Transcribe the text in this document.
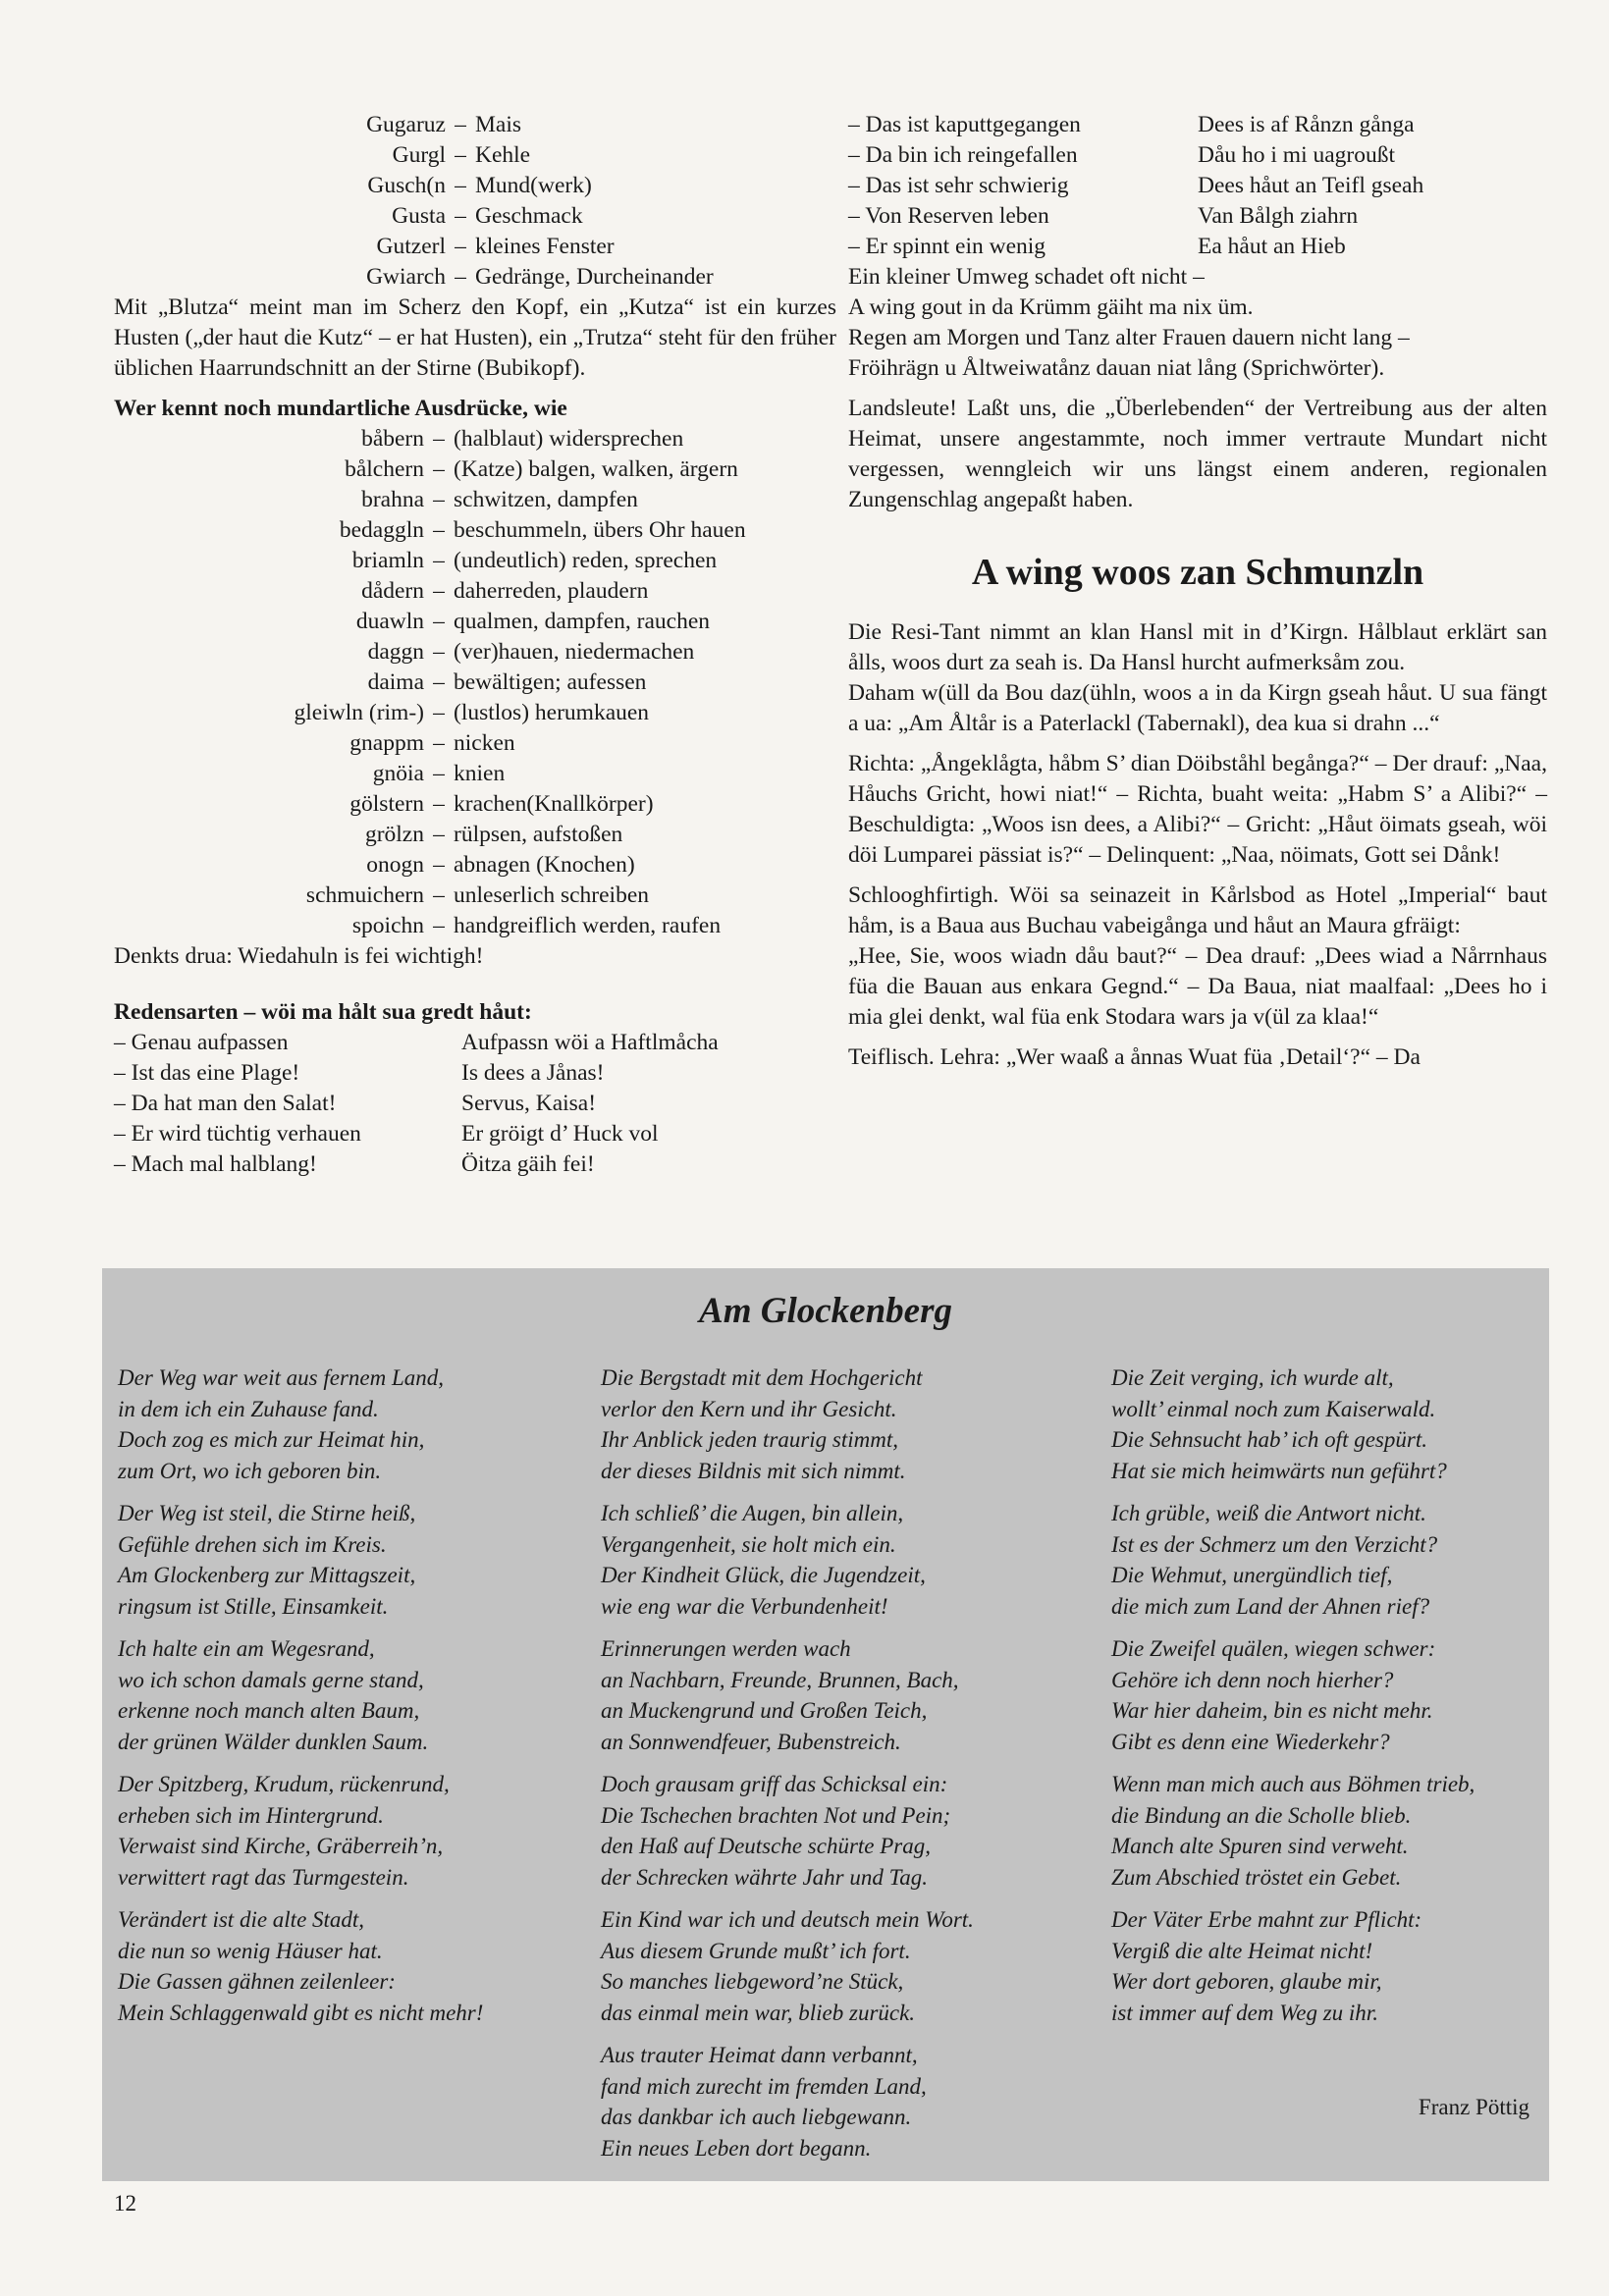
Gugaruz – Mais
Gurgl – Kehle
Gusch(n – Mund(werk)
Gusta – Geschmack
Gutzerl – kleines Fenster
Gwiarch – Gedränge, Durcheinander

Mit „Blutza“ meint man im Scherz den Kopf, ein „Kutza“ ist ein kurzes Husten („der haut die Kutz“ – er hat Husten), ein „Trutza“ steht für den früher üblichen Haarrundschnitt an der Stirne (Bubikopf).

Wer kennt noch mundartliche Ausdrücke, wie
båbern – (halblaut) widersprechen
bålchern – (Katze) balgen, walken, ärgern
brahna – schwitzen, dampfen
bedaggln – beschummeln, übers Ohr hauen
briamln – (undeutlich) reden, sprechen
dådern – daherreden, plaudern
duawln – qualmen, dampfen, rauchen
daggn – (ver)hauen, niedermachen
daima – bewältigen; aufessen
gleiwln (rim-) – (lustlos) herumkauen
gnappm – nicken
gnöia – knien
gölstern – krachen(Knallkörper)
grölzn – rülpsen, aufstoßen
onogn – abnagen (Knochen)
schmuichern – unleserlich schreiben
spoichn – handgreiflich werden, raufen
Denkts drua: Wiedahuln is fei wichtigh!
Redensarten – wöi ma hålt sua gredt håut:
– Genau aufpassen	Aufpassn wöi a Haftlmåcha
– Ist das eine Plage!	Is dees a Jånas!
– Da hat man den Salat!	Servus, Kaisa!
– Er wird tüchtig verhauen	Er gröigt d’ Huck vol
– Mach mal halblang!	Öitza gäih fei!
– Das ist kaputtgegangen	Dees is af Rånzn gånga
– Da bin ich reingefallen	Dåu ho i mi uagroußt
– Das ist sehr schwierig	Dees håut an Teifl gseah
– Von Reserven leben	Van Bålgh ziahrn
– Er spinnt ein wenig	Ea håut an Hieb
Ein kleiner Umweg schadet oft nicht –
A wing gout in da Krümm gäiht ma nix üm.
Regen am Morgen und Tanz alter Frauen dauern nicht lang –
Fröihrägn u Åltweiwatånz dauan niat lång (Sprichwörter).

Landsleute! Laßt uns, die „Überlebenden“ der Vertreibung aus der alten Heimat, unsere angestammte, noch immer vertraute Mundart nicht vergessen, wenngleich wir uns längst einem anderen, regionalen Zungenschlag angepaßt haben.

A wing woos zan Schmunzln

Die Resi-Tant nimmt an klan Hansl mit in d’Kirgn. Hålblaut erklärt san ålls, woos durt za seah is. Da Hansl hurcht aufmerksåm zou.
Daham w(üll da Bou daz(ühln, woos a in da Kirgn gseah håut. U sua fängt a ua: „Am Åltår is a Paterlackl (Tabernakl), dea kua si drahn ...“

Richta: „Ångeklågta, håbm S’ dian Döibståhl begånga?“ – Der drauf: „Naa, Håuchs Gricht, howi niat!“ – Richta, buaht weita: „Habm S’ a Alibi?“ – Beschuldigta: „Woos isn dees, a Alibi?“ – Gricht: „Håut öimats gseah, wöi döi Lumparei pässiat is?“ – Delinquent: „Naa, nöimats, Gott sei Dånk!

Schlooghfirtigh. Wöi sa seinazeit in Kårlsbod as Hotel „Imperial“ baut håm, is a Baua aus Buchau vabeigånga und håut an Maura gfräigt:

„Hee, Sie, woos wiadn dåu baut?“ – Dea drauf: „Dees wiad a Nårrnhaus füa die Bauan aus enkara Gegnd.“ – Da Baua, niat maalfaal: „Dees ho i mia glei denkt, wal füa enk Stodara wars ja v(ül za klaa!“

Teiflisch. Lehra: „Wer waaß a ånnas Wuat füa ‚Detail‘?“ – Da

Am Glockenberg
Der Weg war weit aus fernem Land,
in dem ich ein Zuhause fand.
Doch zog es mich zur Heimat hin,
zum Ort, wo ich geboren bin.
Der Weg ist steil, die Stirne heiß,
Gefühle drehen sich im Kreis.
Am Glockenberg zur Mittagszeit,
ringsum ist Stille, Einsamkeit.
Ich halte ein am Wegesrand,
wo ich schon damals gerne stand,
erkenne noch manch alten Baum,
der grünen Wälder dunklen Saum.
Der Spitzberg, Krudum, rückenrund,
erheben sich im Hintergrund.
Verwaist sind Kirche, Gräberreih’n,
verwittert ragt das Turmgestein.
Verändert ist die alte Stadt,
die nun so wenig Häuser hat.
Die Gassen gähnen zeilenleer:
Mein Schlaggenwald gibt es nicht mehr!
Die Bergstadt mit dem Hochgericht
verlor den Kern und ihr Gesicht.
Ihr Anblick jeden traurig stimmt,
der dieses Bildnis mit sich nimmt.
Ich schließ’ die Augen, bin allein,
Vergangenheit, sie holt mich ein.
Der Kindheit Glück, die Jugendzeit,
wie eng war die Verbundenheit!
Erinnerungen werden wach
an Nachbarn, Freunde, Brunnen, Bach,
an Muckengrund und Großen Teich,
an Sonnwendfeuer, Bubenstreich.
Doch grausam griff das Schicksal ein:
Die Tschechen brachten Not und Pein;
den Haß auf Deutsche schürte Prag,
der Schrecken währte Jahr und Tag.
Ein Kind war ich und deutsch mein Wort.
Aus diesem Grunde mußt’ ich fort.
So manches liebgeword’ne Stück,
das einmal mein war, blieb zurück.
Aus trauter Heimat dann verbannt,
fand mich zurecht im fremden Land,
das dankbar ich auch liebgewann.
Ein neues Leben dort begann.
Die Zeit verging, ich wurde alt,
wollt’ einmal noch zum Kaiserwald.
Die Sehnsucht hab’ ich oft gespürt.
Hat sie mich heimwärts nun geführt?
Ich grüble, weiß die Antwort nicht.
Ist es der Schmerz um den Verzicht?
Die Wehmut, unergündlich tief,
die mich zum Land der Ahnen rief?
Die Zweifel quälen, wiegen schwer:
Gehöre ich denn noch hierher?
War hier daheim, bin es nicht mehr.
Gibt es denn eine Wiederkehr?
Wenn man mich auch aus Böhmen trieb,
die Bindung an die Scholle blieb.
Manch alte Spuren sind verweht.
Zum Abschied tröstet ein Gebet.
Der Väter Erbe mahnt zur Pflicht:
Vergiß die alte Heimat nicht!
Wer dort geboren, glaube mir,
ist immer auf dem Weg zu ihr.
Franz Pöttig
12
